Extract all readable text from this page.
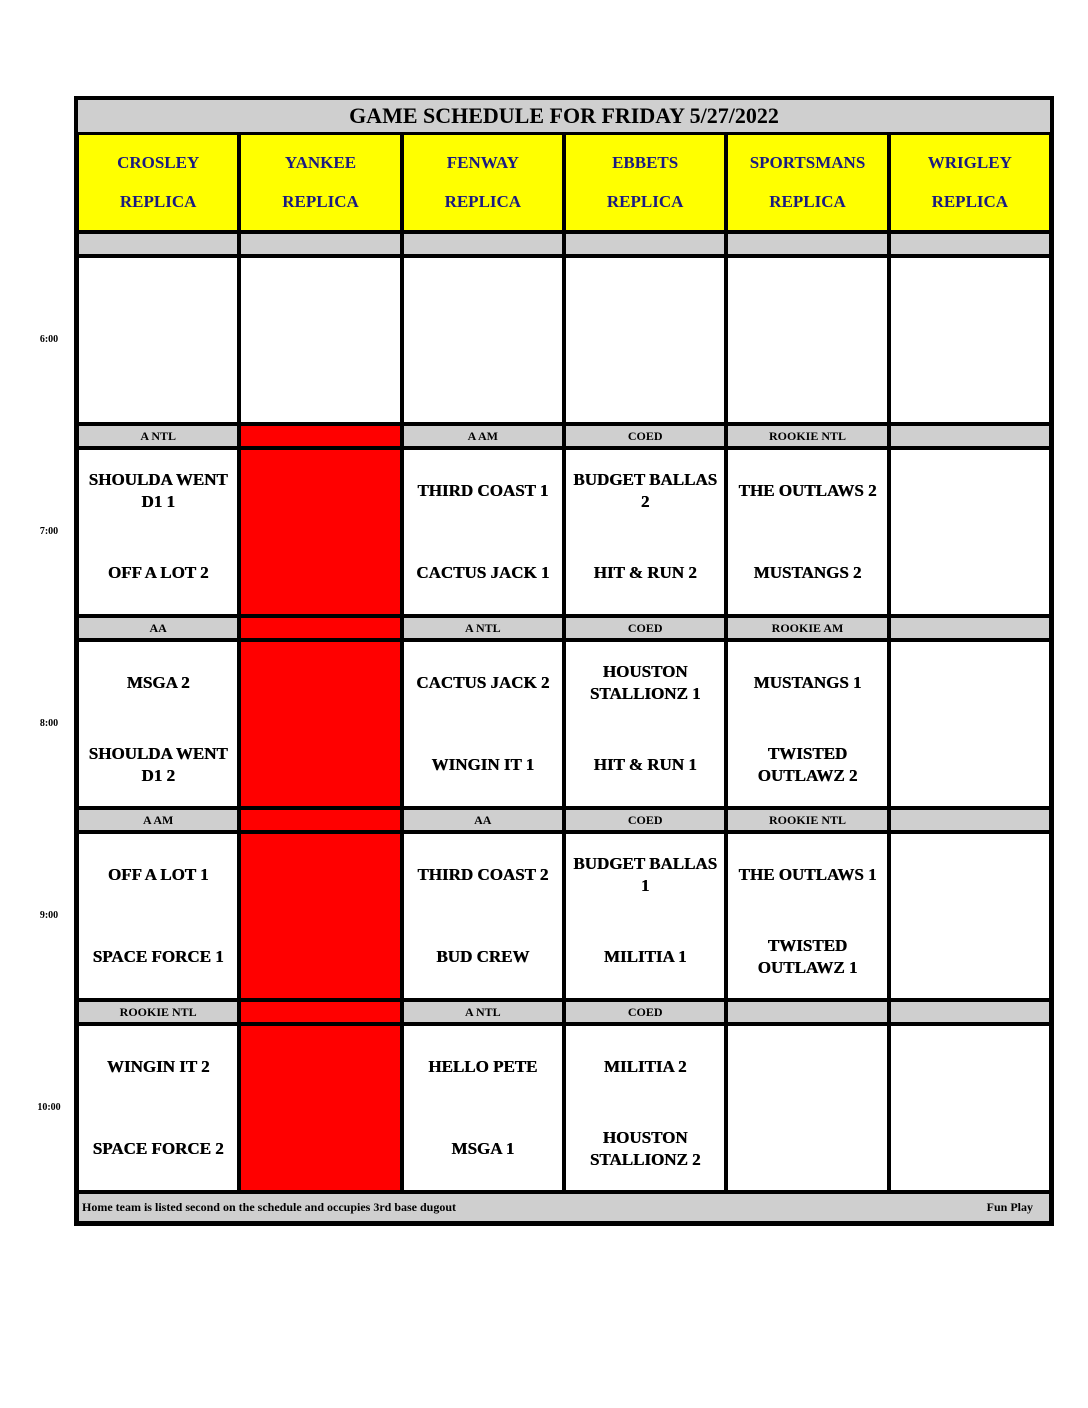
GAME SCHEDULE FOR FRIDAY 5/27/2022
Home team is listed second on the schedule and occupies 3rd base dugout	Fun Play
CROSLEY
REPLICA
YANKEE
REPLICA
FENWAY
REPLICA
EBBETS
REPLICA
SPORTSMANS
REPLICA
WRIGLEY
REPLICA
A NTL
SHOULDA WENT D1 1
OFF A LOT 2
A AM
THIRD COAST 1
CACTUS JACK 1
COED
BUDGET BALLAS 2
HIT & RUN 2
ROOKIE NTL
THE OUTLAWS 2
MUSTANGS 2
AA
MSGA 2
SHOULDA WENT D1 2
A NTL
CACTUS JACK 2
WINGIN IT 1
COED
HOUSTON STALLIONZ 1
HIT & RUN 1
ROOKIE AM
MUSTANGS 1
TWISTED OUTLAWZ 2
A AM
OFF A LOT 1
SPACE FORCE 1
AA
THIRD COAST 2
BUD CREW
COED
BUDGET BALLAS 1
MILITIA 1
ROOKIE NTL
THE OUTLAWS 1
TWISTED OUTLAWZ 1
ROOKIE NTL
WINGIN IT 2
SPACE FORCE 2
A NTL
HELLO PETE
MSGA 1
COED
MILITIA 2
HOUSTON STALLIONZ 2
6:00
7:00
8:00
9:00
10:00
